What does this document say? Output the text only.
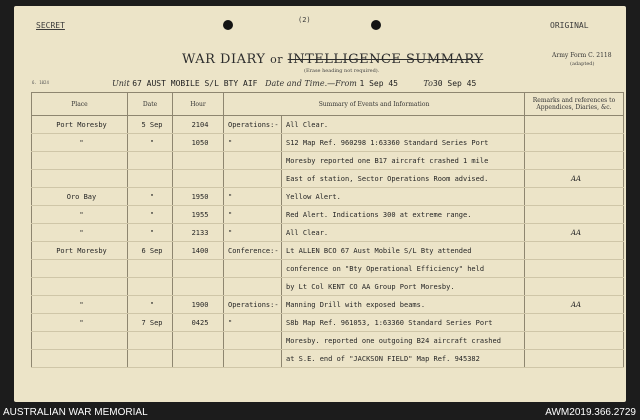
SECRET
(2)
ORIGINAL
WAR DIARY or INTELLIGENCE SUMMARY
(Erase heading not required).
Army Form C. 2118
(adapted)
6. 1024	Unit 67 AUST MOBILE S/L BTY AIF Date and Time.—From 1 Sep 45	To30 Sep 45
Place	Date	Hour	Summary of Events and Information		Remarks and references to Appendices, Diaries, &c.
Port Moresby	5 Sep	2104	Operations:-	All Clear.	
"	"	1050	"	S12 Map Ref. 960298 1:63360 Standard Series Port	
				Moresby reported one B17 aircraft crashed 1 mile	
				East of station, Sector Operations Room advised.	AA
Oro Bay	"	1950	"	Yellow Alert.	
"	"	1955	"	Red Alert. Indications 300 at extreme range.	
"	"	2133	"	All Clear.	AA
Port Moresby	6 Sep	1400	Conference:-	Lt ALLEN BCO 67 Aust Mobile S/L Bty attended	
				conference on "Bty Operational Efficiency" held	
				by Lt Col KENT CO AA Group Port Moresby.	
"	"	1900	Operations:-	Manning Drill with exposed beams.	AA
"	7 Sep	0425	"	S8b Map Ref. 961053, 1:63360 Standard Series Port	
				Moresby. reported one outgoing B24 aircraft crashed	
				at S.E. end of "JACKSON FIELD" Map Ref. 945382	
AUSTRALIAN WAR MEMORIAL	AWM2019.366.2729
